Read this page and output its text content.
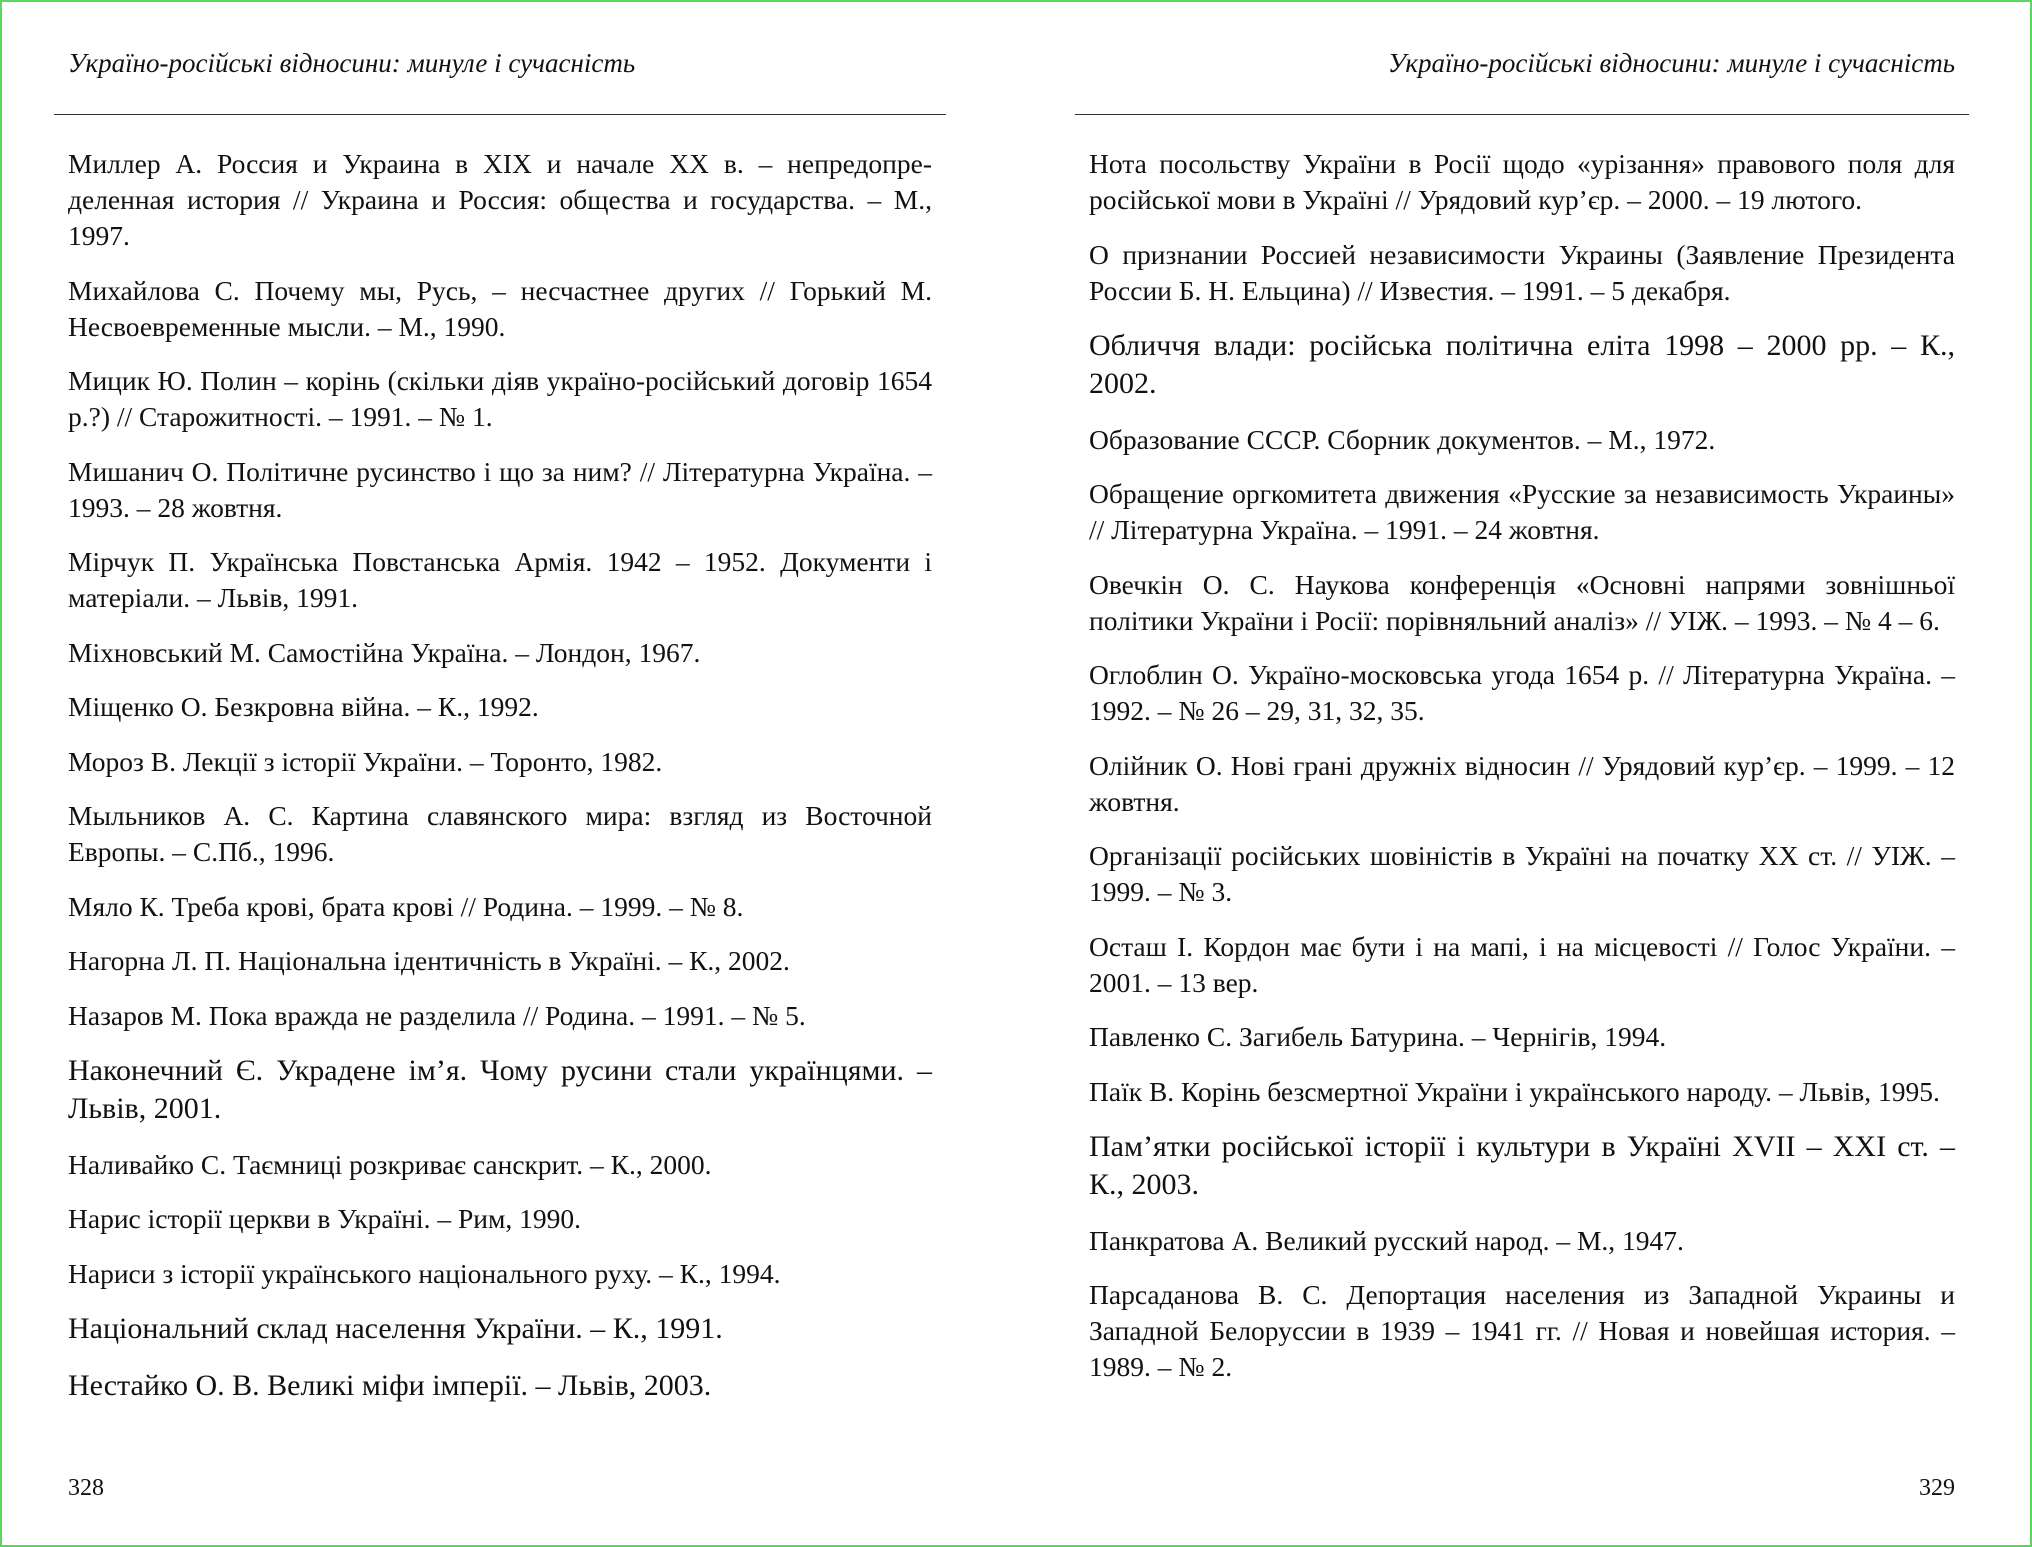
Україно-російські відносини: минуле і сучасність

Миллер А. Россия и Украина в XIX и начале XX в. – непредопределенная история // Украина и Россия: общества и государства. – М., 1997.

Михайлова С. Почему мы, Русь, – несчастнее других // Горький М. Несвоевременные мысли. – М., 1990.

Мицик Ю. Полин – корінь (скільки діяв україно-російський договір 1654 р.?) // Старожитності. – 1991. – № 1.

Мишанич О. Політичне русинство і що за ним? // Літературна Україна. – 1993. – 28 жовтня.

Мірчук П. Українська Повстанська Армія. 1942 – 1952. Документи і матеріали. – Львів, 1991.

Міхновський М. Самостійна Україна. – Лондон, 1967.

Міщенко О. Безкровна війна. – К., 1992.

Мороз В. Лекції з історії України. – Торонто, 1982.

Мыльников А. С. Картина славянского мира: взгляд из Восточной Европы. – С.Пб., 1996.

Мяло К. Треба крові, брата крові // Родина. – 1999. – № 8.

Нагорна Л. П. Національна ідентичність в Україні. – К., 2002.

Назаров М. Пока вражда не разделила // Родина. – 1991. – № 5.

Наконечний Є. Украдене ім’я. Чому русини стали українцями. – Львів, 2001.

Наливайко С. Таємниці розкриває санскрит. – К., 2000.

Нарис історії церкви в Україні. – Рим, 1990.

Нариси з історії українського національного руху. – К., 1994.

Національний склад населення України. – К., 1991.

Нестайко О. В. Великі міфи імперії. – Львів, 2003.

328
Україно-російські відносини: минуле і сучасність

Нота посольству України в Росії щодо «урізання» правового поля для російської мови в Україні // Урядовий кур’єр. – 2000. – 19 лютого.

О признании Россией независимости Украины (Заявление Президента России Б. Н. Ельцина) // Известия. – 1991. – 5 декабря.

Обличчя влади: російська політична еліта 1998 – 2000 рр. – К., 2002.

Образование СССР. Сборник документов. – М., 1972.

Обращение оргкомитета движения «Русские за независимость Украины» // Літературна Україна. – 1991. – 24 жовтня.

Овечкін О. С. Наукова конференція «Основні напрями зовнішньої політики України і Росії: порівняльний аналіз» // УІЖ. – 1993. – № 4 – 6.

Оглоблин О. Україно-московська угода 1654 р. // Літературна Україна. – 1992. – № 26 – 29, 31, 32, 35.

Олійник О. Нові грані дружніх відносин // Урядовий кур’єр. – 1999. – 12 жовтня.

Організації російських шовіністів в Україні на початку ХХ ст. // УІЖ. – 1999. – № 3.

Осташ І. Кордон має бути і на мапі, і на місцевості // Голос України. – 2001. – 13 вер.

Павленко С. Загибель Батурина. – Чернігів, 1994.

Паїк В. Корінь безсмертної України і українського народу. – Львів, 1995.

Пам’ятки російської історії і культури в Україні XVII – XXI ст. – К., 2003.

Панкратова А. Великий русский народ. – М., 1947.

Парсаданова В. С. Депортация населения из Западной Украины и Западной Белоруссии в 1939 – 1941 гг. // Новая и новейшая история. – 1989. – № 2.

329
